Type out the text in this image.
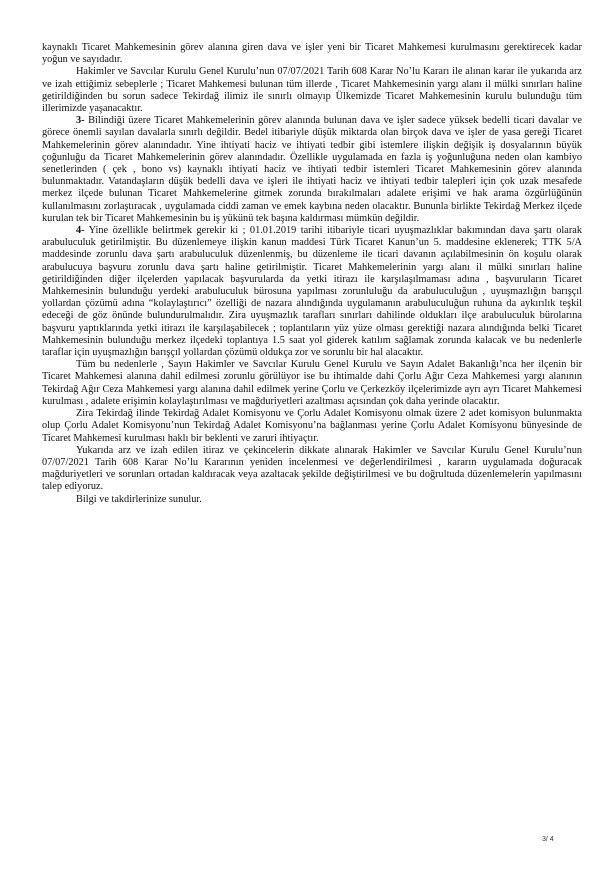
kaynaklı Ticaret Mahkemesinin görev alanına giren dava ve işler yeni bir Ticaret Mahkemesi kurulmasını gerektirecek kadar yoğun ve sayıdadır.

Hakimler ve Savcılar Kurulu Genel Kurulu’nun 07/07/2021 Tarih 608 Karar No’lu Kararı ile alınan karar ile yukarıda arz ve izah ettiğimiz sebeplerle ; Ticaret Mahkemesi bulunan tüm illerde , Ticaret Mahkemesinin yargı alanı il mülki sınırları haline getirildiğinden bu sorun sadece Tekirdağ ilimiz ile sınırlı olmayıp Ülkemizde Ticaret Mahkemesinin kurulu bulunduğu tüm illerimizde yaşanacaktır.

3- Bilindiği üzere Ticaret Mahkemelerinin görev alanında bulunan dava ve işler sadece yüksek bedelli ticari davalar ve görece önemli sayılan davalarla sınırlı değildir. Bedel itibariyle düşük miktarda olan birçok dava ve işler de yasa gereği Ticaret Mahkemelerinin görev alanındadır. Yine ihtiyati haciz ve ihtiyati tedbir gibi istemlere ilişkin değişik iş dosyalarının büyük çoğunluğu da Ticaret Mahkemelerinin görev alanındadır. Özellikle uygulamada en fazla iş yoğunluğuna neden olan kambiyo senetlerinden ( çek , bono vs) kaynaklı ihtiyati haciz ve ihtiyati tedbir istemleri Ticaret Mahkemesinin görev alanında bulunmaktadır. Vatandaşların düşük bedelli dava ve işleri ile ihtiyati haciz ve ihtiyati tedbir talepleri için çok uzak mesafede merkez ilçede bulunan Ticaret Mahkemelerine gitmek zorunda bırakılmaları adalete erişimi ve hak arama özgürlüğünün kullanılmasını zorlaştıracak , uygulamada ciddi zaman ve emek kaybına neden olacaktır. Bununla birlikte Tekirdağ Merkez ilçede kurulan tek bir Ticaret Mahkemesinin bu iş yükünü tek başına kaldırması mümkün değildir.

4- Yine özellikle belirtmek gerekir ki ; 01.01.2019 tarihi itibariyle ticari uyuşmazlıklar bakımından dava şartı olarak arabuluculuk getirilmiştir. Bu düzenlemeye ilişkin kanun maddesi Türk Ticaret Kanun’un 5. maddesine eklenerek; TTK 5/A maddesinde zorunlu dava şartı arabuluculuk düzenlenmiş, bu düzenleme ile ticari davanın açılabilmesinin ön koşulu olarak arabulucuya başvuru zorunlu dava şartı haline getirilmiştir. Ticaret Mahkemelerinin yargı alanı il mülki sınırları haline getirildiğinden diğer ilçelerden yapılacak başvurularda da yetki itirazı ile karşılaşılmaması adına , başvuruların Ticaret Mahkemesinin bulunduğu yerdeki arabuluculuk bürosuna yapılması zorunluluğu da arabuluculuğun , uyuşmazlığın barışçıl yollardan çözümü adına “kolaylaştırıcı” özelliği de nazara alındığında uygulamanın arabuluculuğun ruhuna da aykırılık teşkil edeceği de göz önünde bulundurulmalıdır. Zira uyuşmazlık tarafları sınırları dahilinde oldukları ilçe arabuluculuk bürolarına başvuru yaptıklarında yetki itirazı ile karşılaşabilecek ; toplantıların yüz yüze olması gerektiği nazara alındığında belki Ticaret Mahkemesinin bulunduğu merkez ilçedeki toplantıya 1.5 saat yol giderek katılım sağlamak zorunda kalacak ve bu nedenlerle taraflar için uyuşmazlığın barışçıl yollardan çözümü oldukça zor ve sorunlu bir hal alacaktır.

Tüm bu nedenlerle , Sayın Hakimler ve Savcılar Kurulu Genel Kurulu ve Sayın Adalet Bakanlığı’nca her ilçenin bir Ticaret Mahkemesi alanına dahil edilmesi zorunlu görülüyor ise bu ihtimalde dahi Çorlu Ağır Ceza Mahkemesi yargı alanının Tekirdağ Ağır Ceza Mahkemesi yargı alanına dahil edilmek yerine Çorlu ve Çerkezköy ilçelerimizde ayrı ayrı Ticaret Mahkemesi kurulması , adalete erişimin kolaylaştırılması ve mağduriyetleri azaltması açısından çok daha yerinde olacaktır.

Zira Tekirdağ ilinde Tekirdağ Adalet Komisyonu ve Çorlu Adalet Komisyonu olmak üzere 2 adet komisyon bulunmakta olup Çorlu Adalet Komisyonu’nun Tekirdağ Adalet Komisyonu’na bağlanması yerine Çorlu Adalet Komisyonu bünyesinde de Ticaret Mahkemesi kurulması haklı bir beklenti ve zaruri ihtiyaçtır.

Yukarıda arz ve izah edilen itiraz ve çekincelerin dikkate alınarak Hakimler ve Savcılar Kurulu Genel Kurulu’nun 07/07/2021 Tarih 608 Karar No’lu Kararının yeniden incelenmesi ve değerlendirilmesi , kararın uygulamada doğuracak mağduriyetleri ve sorunları ortadan kaldıracak veya azaltacak şekilde değiştirilmesi ve bu doğrultuda düzenlemelerin yapılmasını talep ediyoruz.

Bilgi ve takdirlerinize sunulur.

3/ 4
